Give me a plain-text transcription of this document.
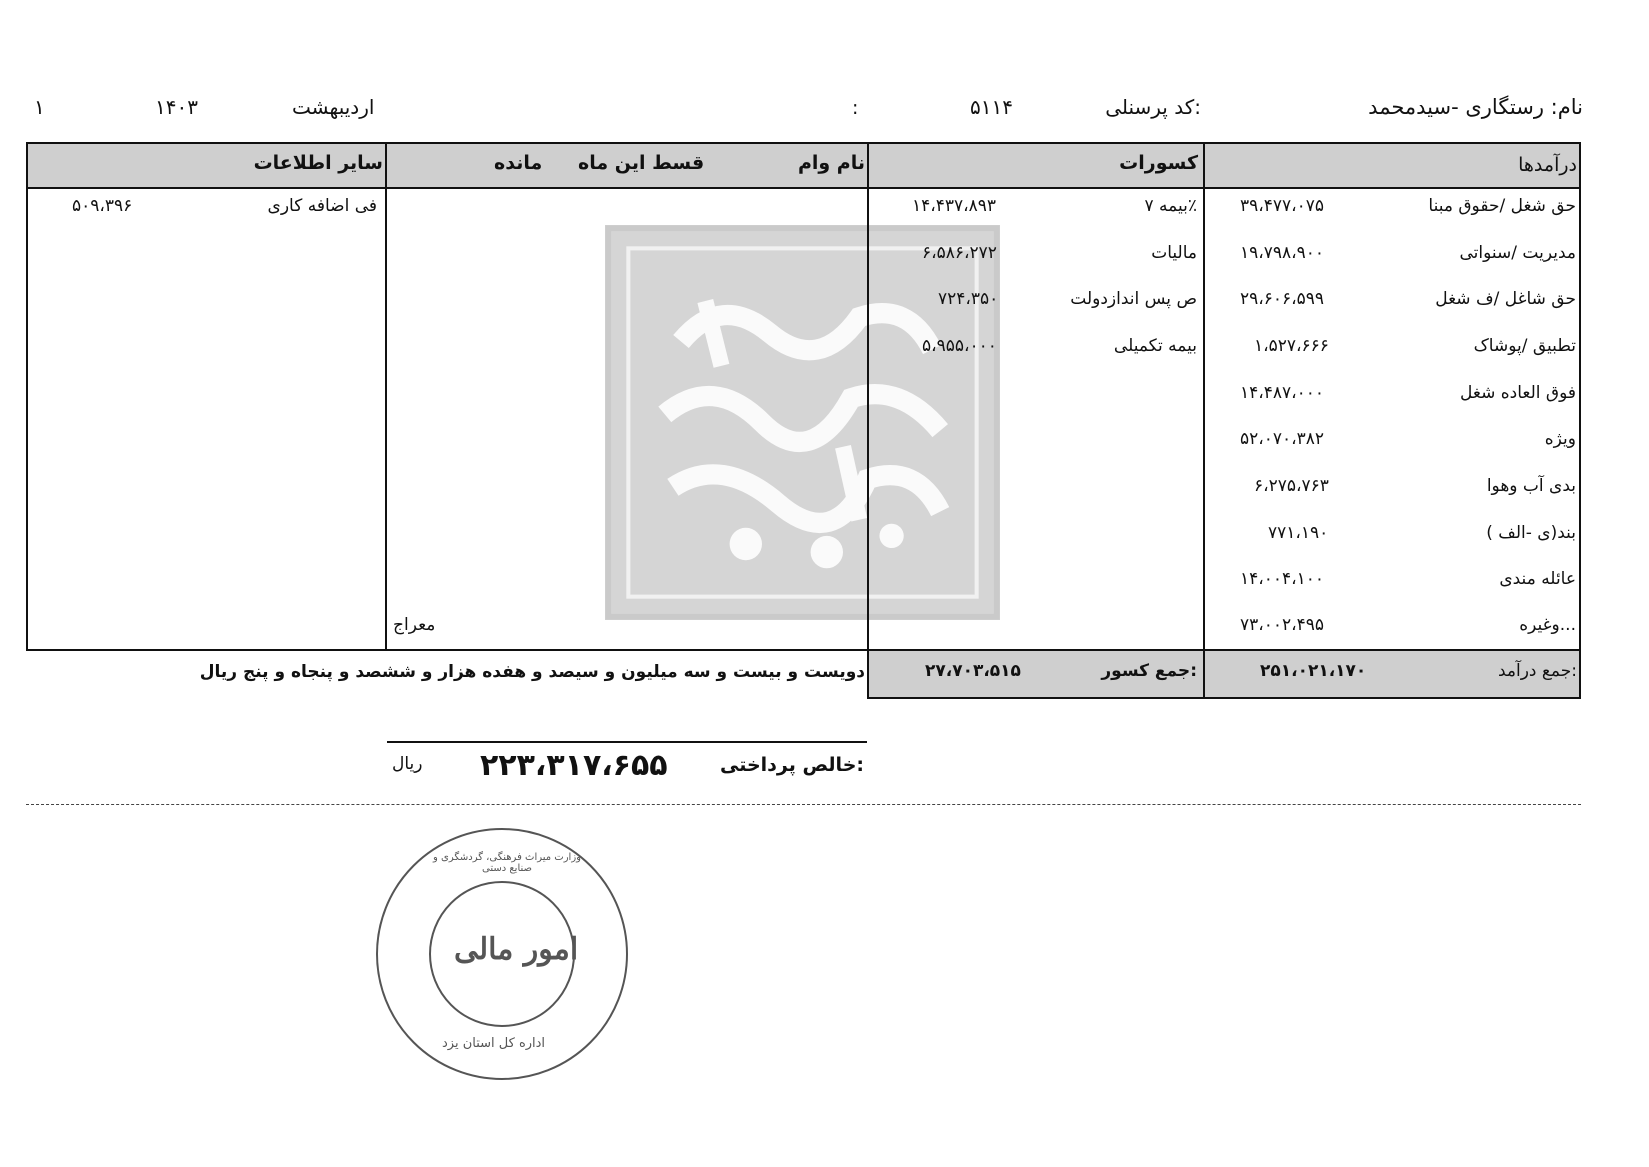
نام: رستگاری -سیدمحمد
کد پرسنلی:
۵۱۱۴
:
اردیبهشت
۱۴۰۳
۱
درآمدها
کسورات
نام وام
قسط این ماه
مانده
سایر اطلاعات
حق شغل /حقوق مبنا
۳۹،۴۷۷،۰۷۵
مدیریت /سنواتی
۱۹،۷۹۸،۹۰۰
حق شاغل /ف شغل
۲۹،۶۰۶،۵۹۹
تطبیق /پوشاک
۱،۵۲۷،۶۶۶
فوق العاده شغل
۱۴،۴۸۷،۰۰۰
ویژه
۵۲،۰۷۰،۳۸۲
بدی آب وهوا
۶،۲۷۵،۷۶۳
بند(ی -الف )
۷۷۱،۱۹۰
عائله مندی
۱۴،۰۰۴،۱۰۰
وغیره...
۷۳،۰۰۲،۴۹۵
بیمه ۷٪
۱۴،۴۳۷،۸۹۳
مالیات
۶،۵۸۶،۲۷۲
ص پس اندازدولت
۷۲۴،۳۵۰
بیمه تکمیلی
۵،۹۵۵،۰۰۰
معراج
فی اضافه کاری
۵۰۹،۳۹۶
جمع درآمد:
۲۵۱،۰۲۱،۱۷۰
جمع کسور:
۲۷،۷۰۳،۵۱۵
دویست و بیست و سه میلیون و سیصد و هفده هزار و ششصد و پنجاه و پنج ریال
خالص پرداختی:
۲۲۳،۳۱۷،۶۵۵
ریال
امور مالی
وزارت میراث فرهنگی، گردشگری و صنایع دستی
اداره کل استان یزد
